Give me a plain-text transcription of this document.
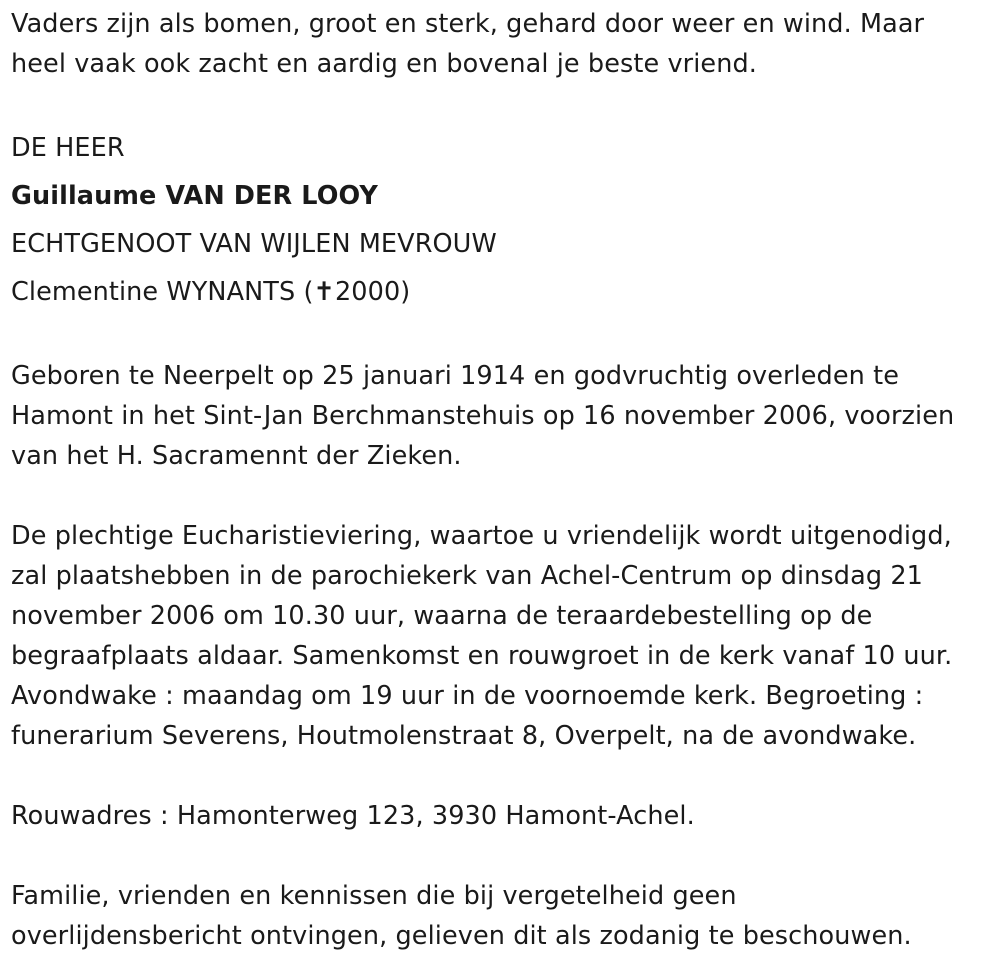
Vaders zijn als bomen, groot en sterk, gehard door weer en wind. Maar

heel vaak ook zacht en aardig en bovenal je beste vriend.

DE HEER

Guillaume VAN DER LOOY

ECHTGENOOT VAN WIJLEN MEVROUW

Clementine WYNANTS (✝2000)

Geboren te Neerpelt op 25 januari 1914 en godvruchtig overleden te

Hamont in het Sint-Jan Berchmanstehuis op 16 november 2006, voorzien

van het H. Sacramennt der Zieken.

De plechtige Eucharistieviering, waartoe u vriendelijk wordt uitgenodigd,

zal plaatshebben in de parochiekerk van Achel-Centrum op dinsdag 21

november 2006 om 10.30 uur, waarna de teraardebestelling op de

begraafplaats aldaar. Samenkomst en rouwgroet in de kerk vanaf 10 uur.

Avondwake : maandag om 19 uur in de voornoemde kerk. Begroeting :

funerarium Severens, Houtmolenstraat 8, Overpelt, na de avondwake.

Rouwadres : Hamonterweg 123, 3930 Hamont-Achel.

Familie, vrienden en kennissen die bij vergetelheid geen

overlijdensbericht ontvingen, gelieven dit als zodanig te beschouwen.
